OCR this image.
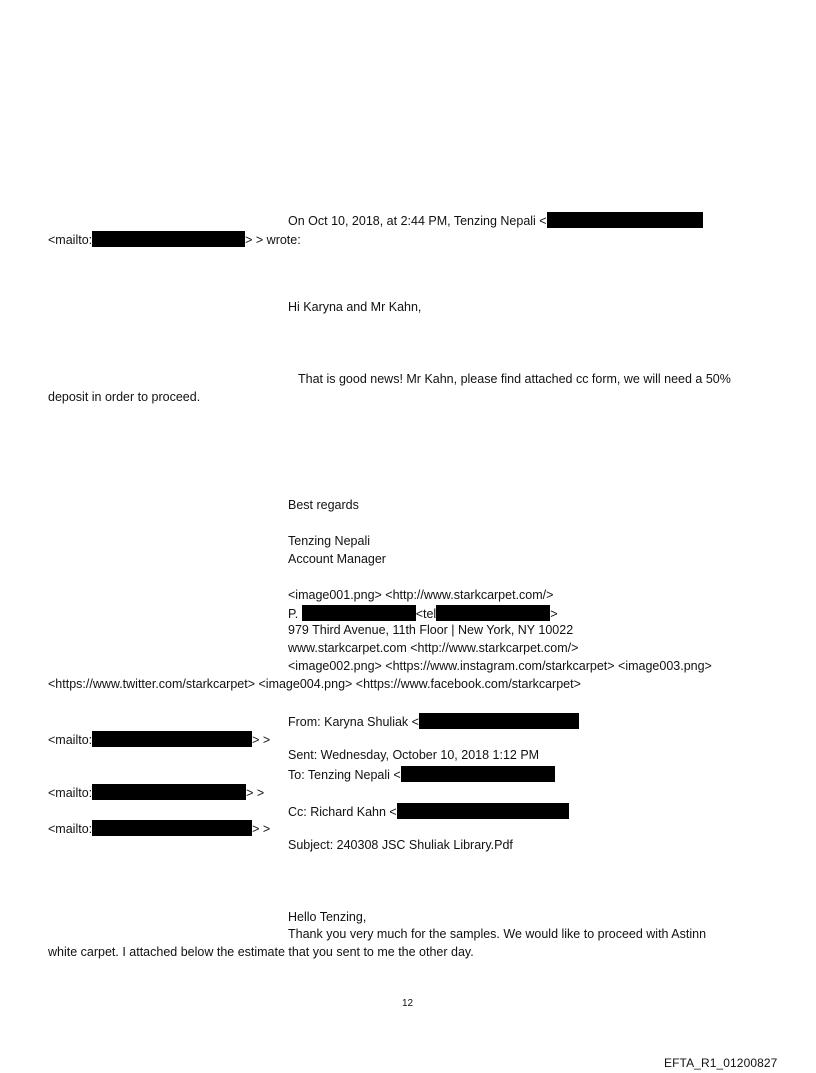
On Oct 10, 2018, at 2:44 PM, Tenzing Nepali <
<mailto:	> > wrote:
Hi Karyna and Mr Kahn,
That is good news! Mr Kahn, please find attached cc form, we will need a 50%
deposit in order to proceed.
Best regards
Tenzing Nepali
Account Manager
<image001.png> <http://www.starkcarpet.com/>
P.	<tel	>
979 Third Avenue, 11th Floor | New York, NY 10022
www.starkcarpet.com <http://www.starkcarpet.com/>
<image002.png> <https://www.instagram.com/starkcarpet> <image003.png>
<https://www.twitter.com/starkcarpet> <image004.png> <https://www.facebook.com/starkcarpet>
From: Karyna Shuliak <
<mailto:	> >
Sent: Wednesday, October 10, 2018 1:12 PM
To: Tenzing Nepali <
<mailto:	> >
Cc: Richard Kahn <
<mailto:	> >
Subject: 240308 JSC Shuliak Library.Pdf
Hello Tenzing,
Thank you very much for the samples. We would like to proceed with Astinn
white carpet. I attached below the estimate that you sent to me the other day.
12
EFTA_R1_01200827
